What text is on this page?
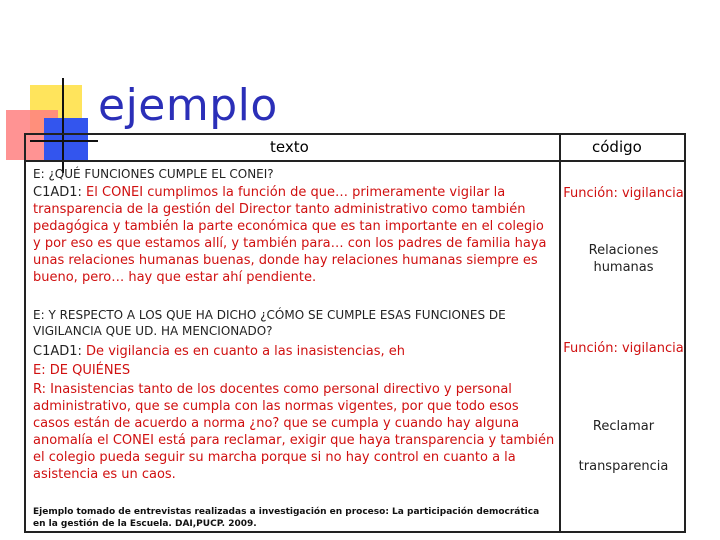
ejemplo
texto	código
E: ¿QUÉ FUNCIONES CUMPLE EL CONEI?
C1AD1: El CONEI cumplimos la función de que… primeramente vigilar la transparencia de la gestión del Director tanto administrativo como también pedagógica y también la parte económica que es tan importante en el colegio y por eso es que estamos allí, y también para… con los padres de familia haya unas relaciones humanas buenas, donde hay relaciones humanas siempre es bueno, pero… hay que estar ahí pendiente.
E: Y RESPECTO A LOS QUE HA DICHO ¿CÓMO SE CUMPLE ESAS FUNCIONES DE VIGILANCIA QUE UD. HA MENCIONADO?
C1AD1: De vigilancia es en cuanto a las inasistencias, eh
E: DE QUIÉNES
R: Inasistencias tanto de los docentes como personal directivo y personal administrativo, que se cumpla con las normas vigentes, por que todo esos casos están de acuerdo a norma ¿no? que se cumpla y cuando hay alguna anomalía el CONEI está para reclamar, exigir que haya transparencia y también el colegio pueda seguir su marcha porque si no hay control en cuanto a la asistencia es un caos.
Función: vigilancia
Relaciones humanas
Función: vigilancia
Reclamar
transparencia
Ejemplo tomado de entrevistas realizadas a investigación en proceso: La participación democrática en la gestión de la Escuela. DAI,PUCP. 2009.
